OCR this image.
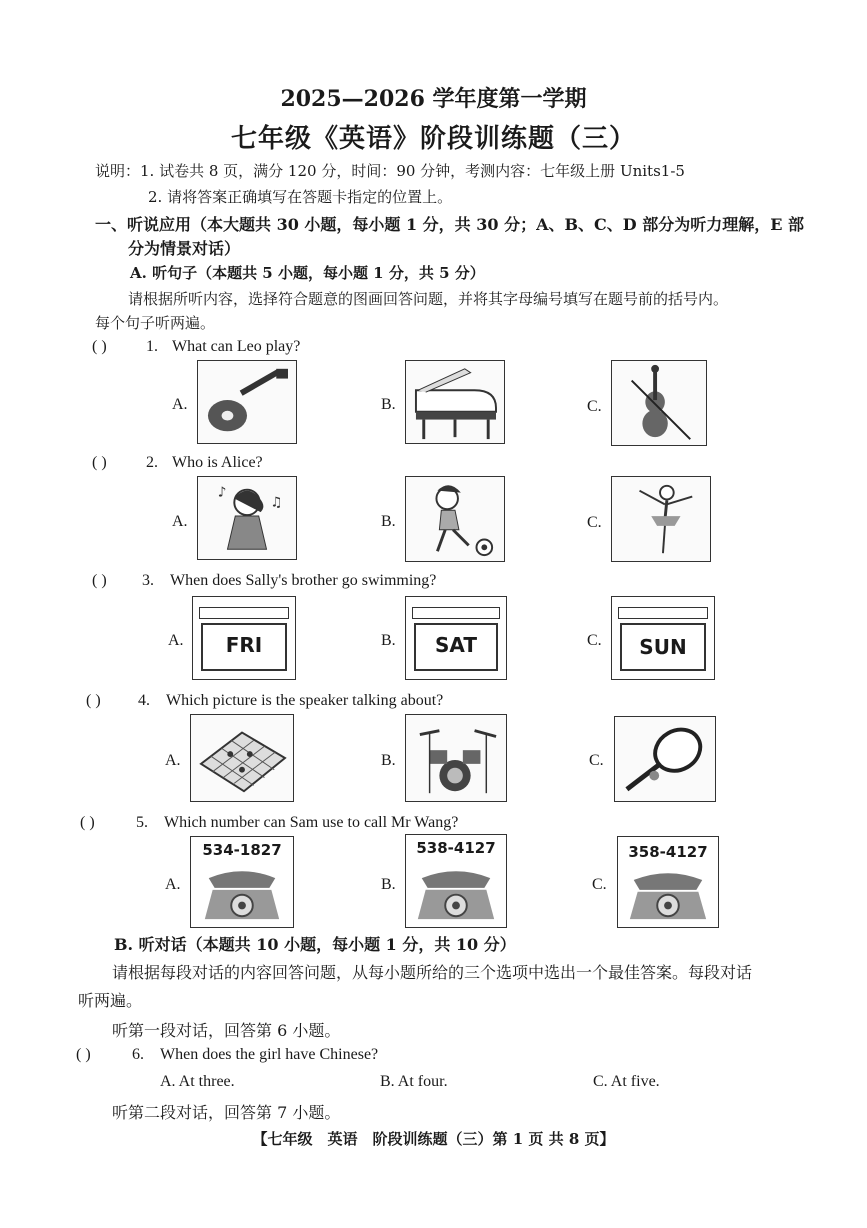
2025—2026 学年度第一学期
七年级《英语》阶段训练题（三）
说明：1. 试卷共 8 页，满分 120 分，时间：90 分钟，考测内容：七年级上册 Units1-5
2. 请将答案正确填写在答题卡指定的位置上。
一、听说应用（本大题共 30 小题，每小题 1 分，共 30 分；A、B、C、D 部分为听力理解，E 部
分为情景对话）
A. 听句子（本题共 5 小题，每小题 1 分，共 5 分）
请根据所听内容，选择符合题意的图画回答问题，并将其字母编号填写在题号前的括号内。
每个句子听两遍。
( ) 1. What can Leo play?
A.	B.	C.
( ) 2. Who is Alice?
A.
♪
♫
B.	C.
( ) 3. When does Sally's brother go swimming?
A.	FRI	B.	SAT	C.	SUN
( ) 4. Which picture is the speaker talking about?
A.	B.	C.
( )	5. Which number can Sam use to call Mr Wang?
A.
534-1827
B.
538-4127
C.
358-4127
B. 听对话（本题共 10 小题，每小题 1 分，共 10 分）
请根据每段对话的内容回答问题，从每小题所给的三个选项中选出一个最佳答案。每段对话
听两遍。
听第一段对话，回答第 6 小题。
( )	6. When does the girl have Chinese?
A. At three.	B. At four.	C. At five.
听第二段对话，回答第 7 小题。
【七年级　英语　阶段训练题（三）第 1 页 共 8 页】
